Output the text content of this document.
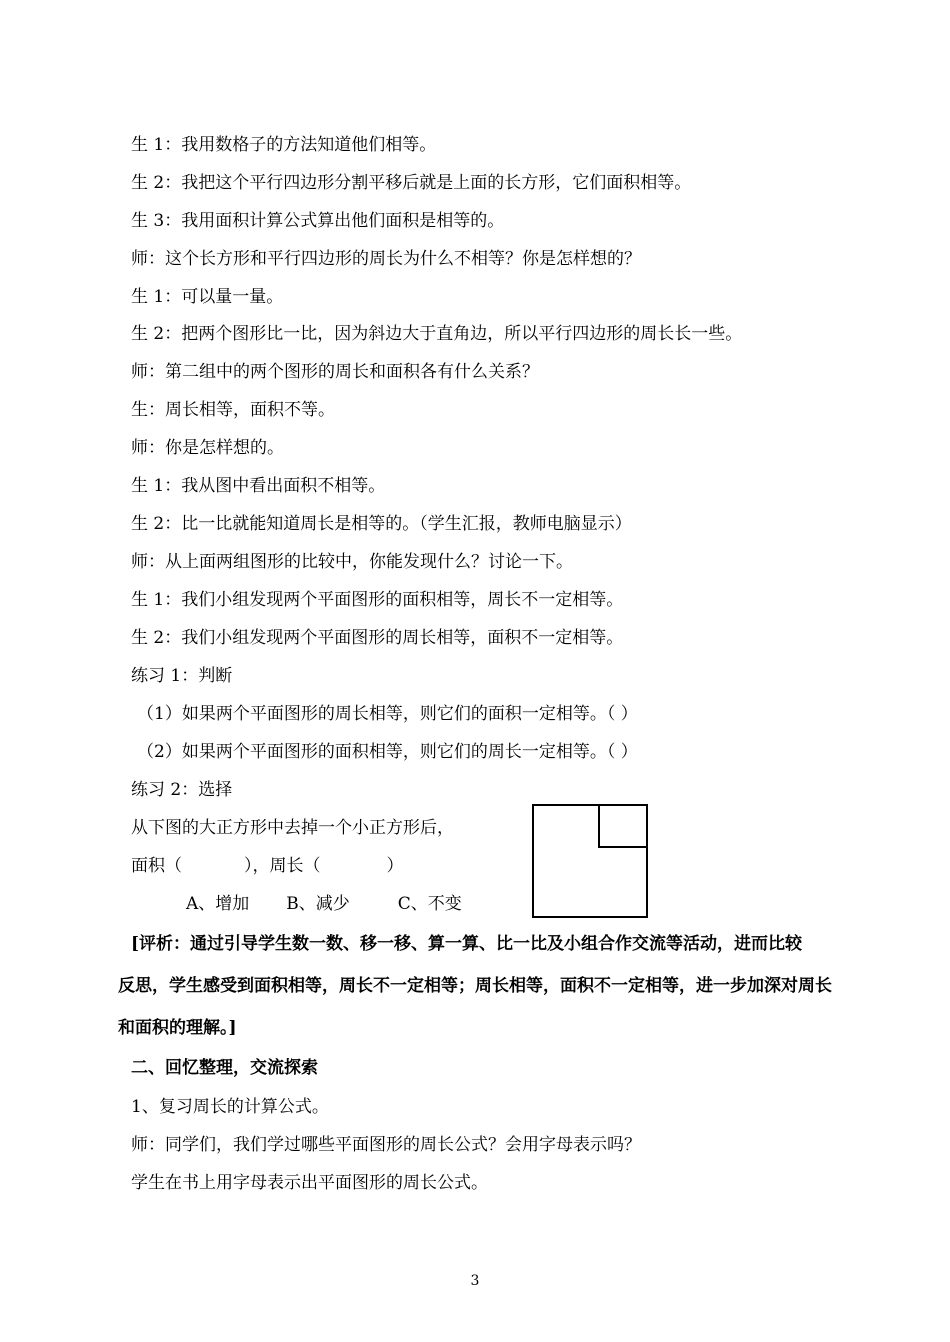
生 1：我用数格子的方法知道他们相等。
生 2：我把这个平行四边形分割平移后就是上面的长方形，它们面积相等。
生 3：我用面积计算公式算出他们面积是相等的。
师：这个长方形和平行四边形的周长为什么不相等？你是怎样想的？
生 1：可以量一量。
生 2：把两个图形比一比，因为斜边大于直角边，所以平行四边形的周长长一些。
师：第二组中的两个图形的周长和面积各有什么关系？
生：周长相等，面积不等。
师：你是怎样想的。
生 1：我从图中看出面积不相等。
生 2：比一比就能知道周长是相等的。（学生汇报，教师电脑显示）
师：从上面两组图形的比较中，你能发现什么？讨论一下。
生 1：我们小组发现两个平面图形的面积相等，周长不一定相等。
生 2：我们小组发现两个平面图形的周长相等，面积不一定相等。
练习 1：判断
（1）如果两个平面图形的周长相等，则它们的面积一定相等。（ ）
（2）如果两个平面图形的面积相等，则它们的周长一定相等。（ ）
练习 2：选择
从下图的大正方形中去掉一个小正方形后，
面积（	），周长（	）
A、增加 B、减少	C、不变
[评析：通过引导学生数一数、移一移、算一算、比一比及小组合作交流等活动，进而比较
反思，学生感受到面积相等，周长不一定相等；周长相等，面积不一定相等，进一步加深对周长
和面积的理解。]
二、回忆整理，交流探索
1、复习周长的计算公式。
师：同学们，我们学过哪些平面图形的周长公式？会用字母表示吗？
学生在书上用字母表示出平面图形的周长公式。
3
